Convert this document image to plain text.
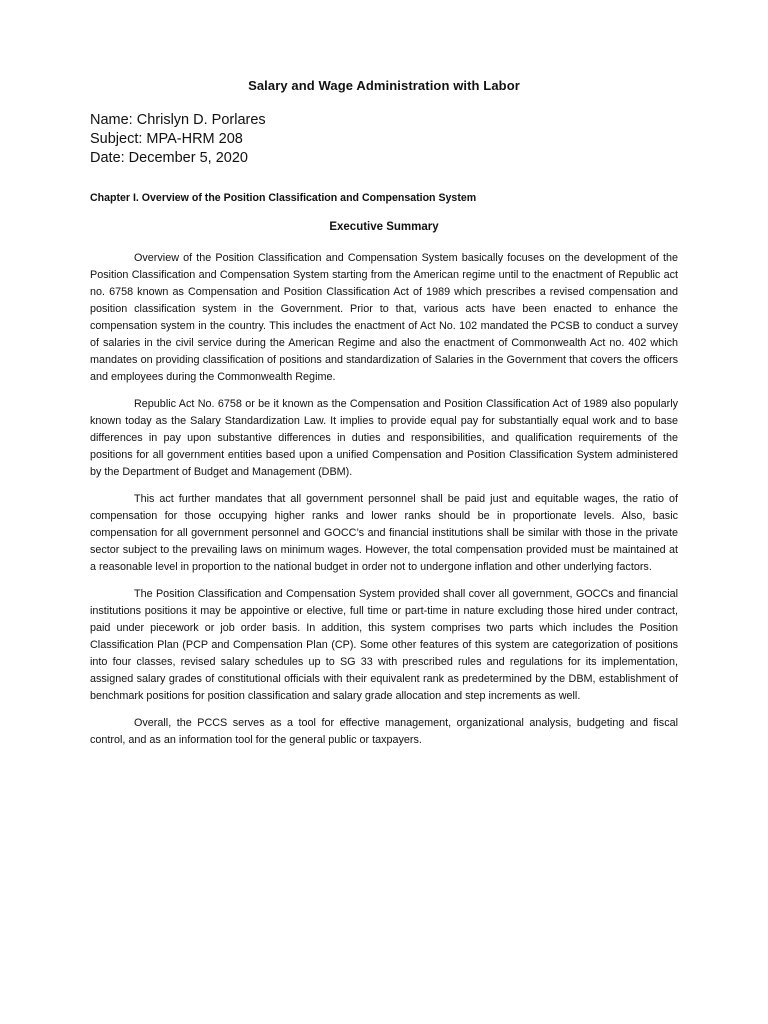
Salary and Wage Administration with Labor
Name: Chrislyn D. Porlares
Subject: MPA-HRM 208
Date: December 5, 2020
Chapter I. Overview of the Position Classification and Compensation System
Executive Summary

Overview of the Position Classification and Compensation System basically focuses on the development of the Position Classification and Compensation System starting from the American regime until to the enactment of Republic act no. 6758 known as Compensation and Position Classification Act of 1989 which prescribes a revised compensation and position classification system in the Government. Prior to that, various acts have been enacted to enhance the compensation system in the country. This includes the enactment of Act No. 102 mandated the PCSB to conduct a survey of salaries in the civil service during the American Regime and also the enactment of Commonwealth Act no. 402 which mandates on providing classification of positions and standardization of Salaries in the Government that covers the officers and employees during the Commonwealth Regime.

Republic Act No. 6758 or be it known as the Compensation and Position Classification Act of 1989 also popularly known today as the Salary Standardization Law. It implies to provide equal pay for substantially equal work and to base differences in pay upon substantive differences in duties and responsibilities, and qualification requirements of the positions for all government entities based upon a unified Compensation and Position Classification System administered by the Department of Budget and Management (DBM).

This act further mandates that all government personnel shall be paid just and equitable wages, the ratio of compensation for those occupying higher ranks and lower ranks should be in proportionate levels. Also, basic compensation for all government personnel and GOCC’s and financial institutions shall be similar with those in the private sector subject to the prevailing laws on minimum wages. However, the total compensation provided must be maintained at a reasonable level in proportion to the national budget in order not to undergone inflation and other underlying factors.

The Position Classification and Compensation System provided shall cover all government, GOCCs and financial institutions positions it may be appointive or elective, full time or part-time in nature excluding those hired under contract, paid under piecework or job order basis. In addition, this system comprises two parts which includes the Position Classification Plan (PCP and Compensation Plan (CP). Some other features of this system are categorization of positions into four classes, revised salary schedules up to SG 33 with prescribed rules and regulations for its implementation, assigned salary grades of constitutional officials with their equivalent rank as predetermined by the DBM, establishment of benchmark positions for position classification and salary grade allocation and step increments as well.

Overall, the PCCS serves as a tool for effective management, organizational analysis, budgeting and fiscal control, and as an information tool for the general public or taxpayers.
